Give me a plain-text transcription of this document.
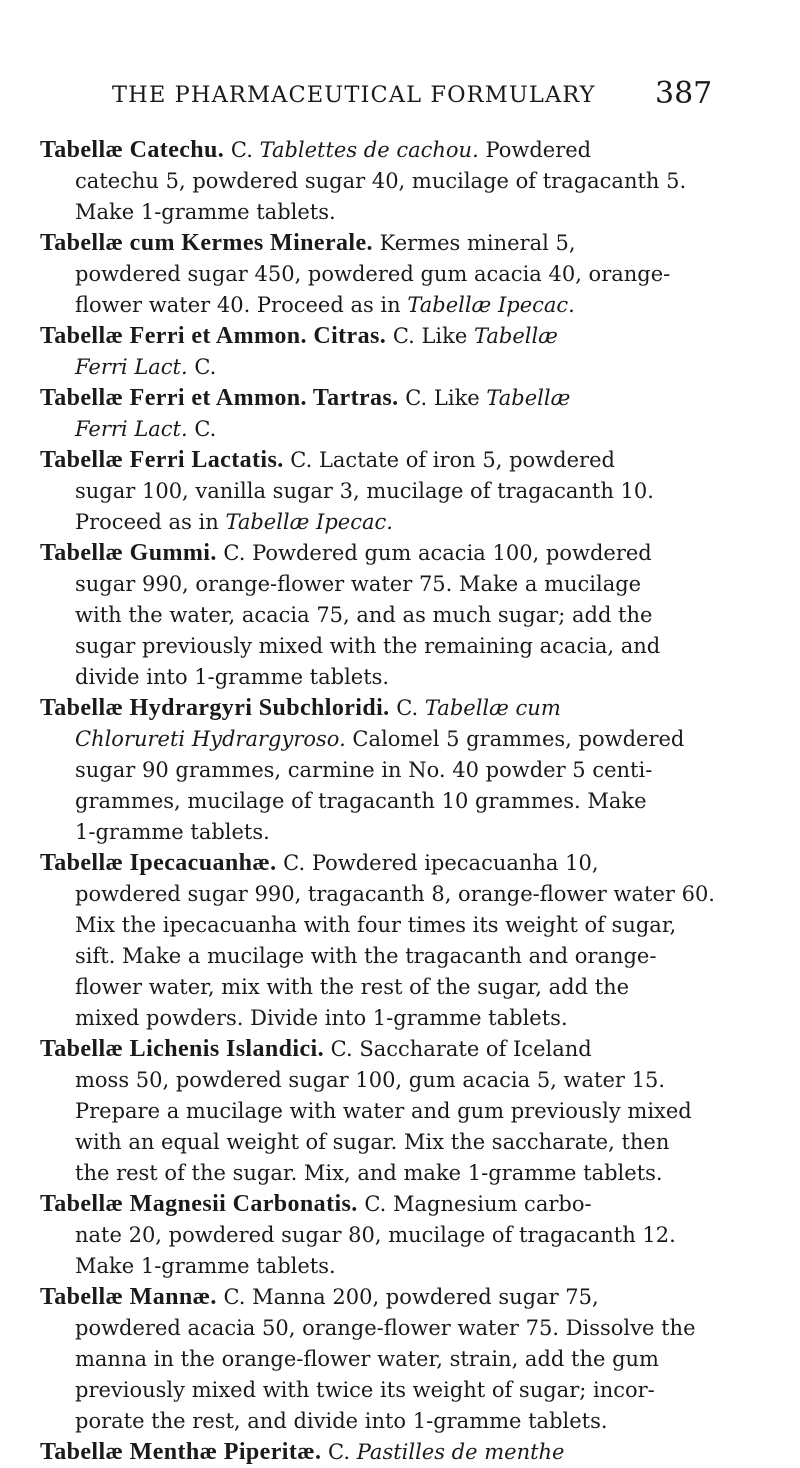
THE PHARMACEUTICAL FORMULARY 387
Tabellæ Catechu. C. Tablettes de cachou. Powdered
catechu 5, powdered sugar 40, mucilage of tragacanth 5.
Make 1-gramme tablets.
Tabellæ cum Kermes Minerale. Kermes mineral 5,
powdered sugar 450, powdered gum acacia 40, orange-
flower water 40. Proceed as in Tabellæ Ipecac.
Tabellæ Ferri et Ammon. Citras. C. Like Tabellæ
Ferri Lact. C.
Tabellæ Ferri et Ammon. Tartras. C. Like Tabellæ
Ferri Lact. C.
Tabellæ Ferri Lactatis. C. Lactate of iron 5, powdered
sugar 100, vanilla sugar 3, mucilage of tragacanth 10.
Proceed as in Tabellæ Ipecac.
Tabellæ Gummi. C. Powdered gum acacia 100, powdered
sugar 990, orange-flower water 75. Make a mucilage
with the water, acacia 75, and as much sugar; add the
sugar previously mixed with the remaining acacia, and
divide into 1-gramme tablets.
Tabellæ Hydrargyri Subchloridi. C. Tabellæ cum
Chlorureti Hydrargyroso. Calomel 5 grammes, powdered
sugar 90 grammes, carmine in No. 40 powder 5 centi-
grammes, mucilage of tragacanth 10 grammes. Make
1-gramme tablets.
Tabellæ Ipecacuanhæ. C. Powdered ipecacuanha 10,
powdered sugar 990, tragacanth 8, orange-flower water 60.
Mix the ipecacuanha with four times its weight of sugar,
sift. Make a mucilage with the tragacanth and orange-
flower water, mix with the rest of the sugar, add the
mixed powders. Divide into 1-gramme tablets.
Tabellæ Lichenis Islandici. C. Saccharate of Iceland
moss 50, powdered sugar 100, gum acacia 5, water 15.
Prepare a mucilage with water and gum previously mixed
with an equal weight of sugar. Mix the saccharate, then
the rest of the sugar. Mix, and make 1-gramme tablets.
Tabellæ Magnesii Carbonatis. C. Magnesium carbo-
nate 20, powdered sugar 80, mucilage of tragacanth 12.
Make 1-gramme tablets.
Tabellæ Mannæ. C. Manna 200, powdered sugar 75,
powdered acacia 50, orange-flower water 75. Dissolve the
manna in the orange-flower water, strain, add the gum
previously mixed with twice its weight of sugar; incor-
porate the rest, and divide into 1-gramme tablets.
Tabellæ Menthæ Piperitæ. C. Pastilles de menthe
